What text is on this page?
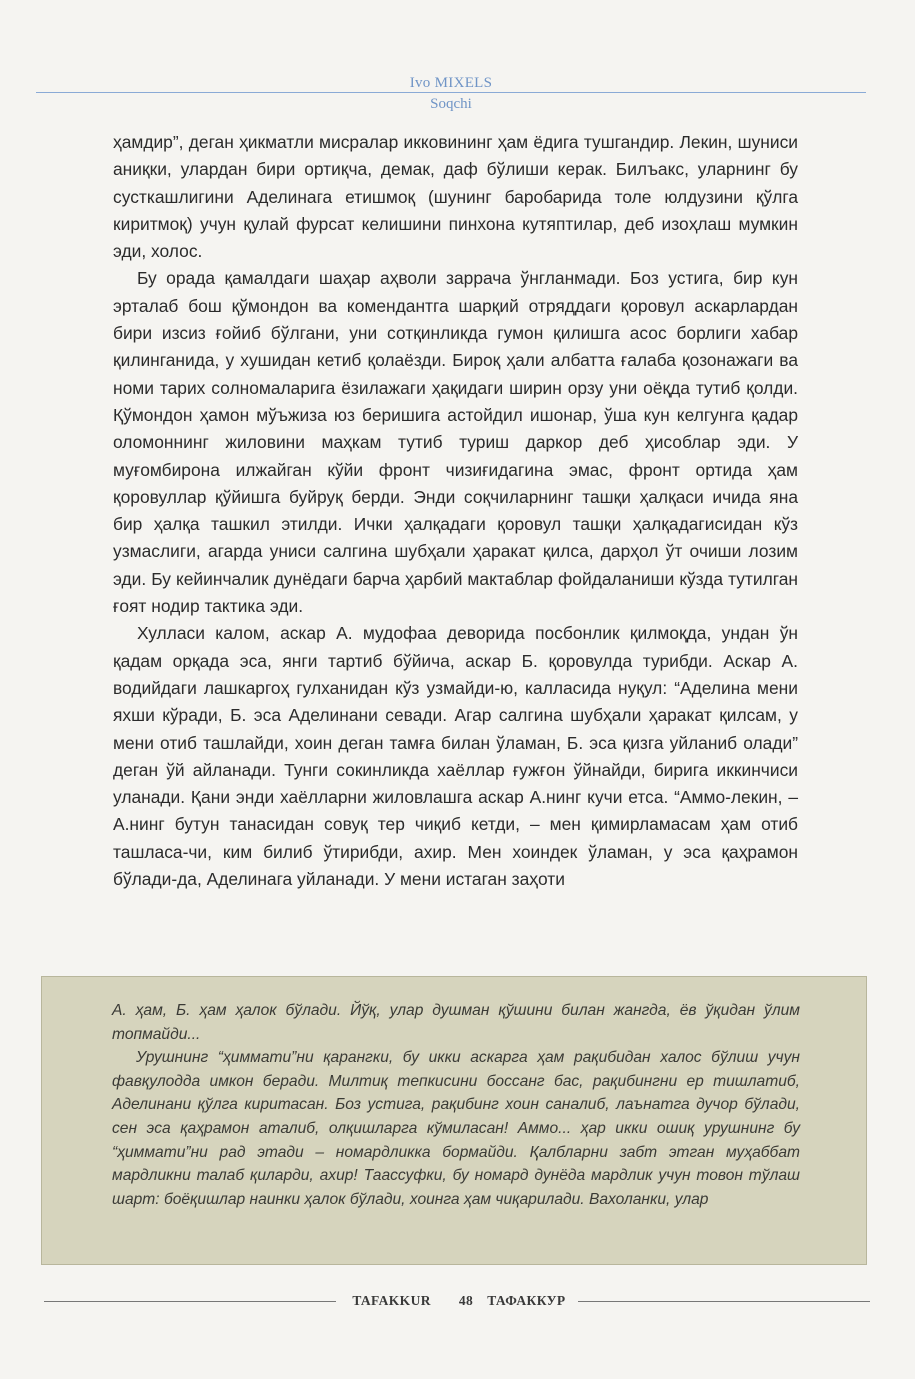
Ivo MIXELS
Soqchi

ҳамдир”, деган ҳикматли мисралар икковининг ҳам ёдига тушгандир. Лекин, шуниси аниқки, улардан бири ортиқча, демак, даф бўлиши керак. Билъакс, уларнинг бу сусткашлигини Аделинага етишмоқ (шунинг баробарида толе юлдузини қўлга киритмоқ) учун қулай фурсат келишини пинхона кутяптилар, деб изоҳлаш мумкин эди, холос.

Бу орада қамалдаги шаҳар аҳволи заррача ўнгланмади. Боз устига, бир кун эрталаб бош қўмондон ва комендантга шарқий отряддаги қоровул аскарлардан бири изсиз ғойиб бўлгани, уни сотқинликда гумон қилишга асос борлиги хабар қилинганида, у хушидан кетиб қолаёзди. Бироқ ҳали албатта ғалаба қозонажаги ва номи тарих солномаларига ёзилажаги ҳақидаги ширин орзу уни оёқда тутиб қолди. Қўмондон ҳамон мўъжиза юз беришига астойдил ишонар, ўша кун келгунга қадар оломоннинг жиловини маҳкам тутиб туриш даркор деб ҳисоблар эди. У муғомбирона илжайган кўйи фронт чизиғидагина эмас, фронт ортида ҳам қоровуллар қўйишга буйруқ берди. Энди соқчиларнинг ташқи ҳалқаси ичида яна бир ҳалқа ташкил этилди. Ички ҳалқадаги қоровул ташқи ҳалқадагисидан кўз узмаслиги, агарда униси салгина шубҳали ҳаракат қилса, дарҳол ўт очиши лозим эди. Бу кейинчалик дунёдаги барча ҳарбий мактаблар фойдаланиши кўзда тутилган ғоят нодир тактика эди.

Хулласи калом, аскар А. мудофаа деворида посбонлик қилмоқда, ундан ўн қадам орқада эса, янги тартиб бўйича, аскар Б. қоровулда турибди. Аскар А. водийдаги лашкаргоҳ гулханидан кўз узмайди-ю, калласида нуқул: “Аделина мени яхши кўради, Б. эса Аделинани севади. Агар салгина шубҳали ҳаракат қилсам, у мени отиб ташлайди, хоин деган тамға билан ўламан, Б. эса қизга уйланиб олади” деган ўй айланади. Тунги сокинликда хаёллар ғужғон ўйнайди, бирига иккинчиси уланади. Қани энди хаёлларни жиловлашга аскар А.нинг кучи етса. “Аммо-лекин, – А.нинг бутун танасидан совуқ тер чиқиб кетди, – мен қимирламасам ҳам отиб ташласа-чи, ким билиб ўтирибди, ахир. Мен хоиндек ўламан, у эса қаҳрамон бўлади-да, Аделинага уйланади. У мени истаган заҳоти

А. ҳам, Б. ҳам ҳалок бўлади. Йўқ, улар душман қўшини билан жангда, ёв ўқидан ўлим топмайди...

Урушнинг “ҳиммати”ни қарангки, бу икки аскарга ҳам рақибидан халос бўлиш учун фавқулодда имкон беради. Милтиқ тепкисини боссанг бас, рақибингни ер тишлатиб, Аделинани қўлга киритасан. Боз устига, рақибинг хоин саналиб, лаънатга дучор бўлади, сен эса қаҳрамон аталиб, олқишларга кўмиласан! Аммо... ҳар икки ошиқ урушнинг бу “ҳиммати”ни рад этади – номардликка бормайди. Қалбларни забт этган муҳаббат мардликни талаб қиларди, ахир! Таассуфки, бу номард дунёда мардлик учун товон тўлаш шарт: боёқишлар наинки ҳалок бўлади, хоинга ҳам чиқарилади. Вахоланки, улар

TAFAKKUR 48 ТАФАККУР
